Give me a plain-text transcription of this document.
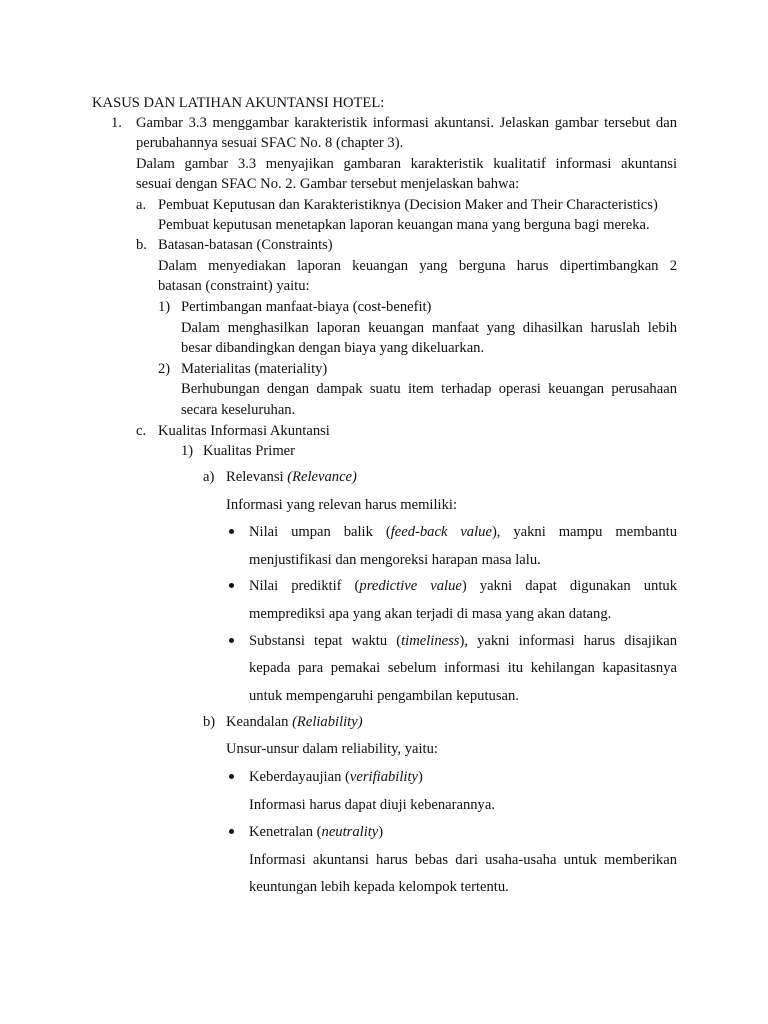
KASUS DAN LATIHAN AKUNTANSI HOTEL:
1. Gambar 3.3 menggambar karakteristik informasi akuntansi. Jelaskan gambar tersebut dan
perubahannya sesuai SFAC No. 8 (chapter 3).
Dalam gambar 3.3 menyajikan gambaran karakteristik kualitatif informasi akuntansi
sesuai dengan SFAC No. 2. Gambar tersebut menjelaskan bahwa:
a. Pembuat Keputusan dan Karakteristiknya (Decision Maker and Their Characteristics)
Pembuat keputusan menetapkan laporan keuangan mana yang berguna bagi mereka.
b. Batasan-batasan (Constraints)
Dalam menyediakan laporan keuangan yang berguna harus dipertimbangkan 2
batasan (constraint) yaitu:
1) Pertimbangan manfaat-biaya (cost-benefit)
Dalam menghasilkan laporan keuangan manfaat yang dihasilkan haruslah lebih
besar dibandingkan dengan biaya yang dikeluarkan.
2) Materialitas (materiality)
Berhubungan dengan dampak suatu item terhadap operasi keuangan perusahaan
secara keseluruhan.
c. Kualitas Informasi Akuntansi
1) Kualitas Primer
a) Relevansi (Relevance)
Informasi yang relevan harus memiliki:
Nilai umpan balik (feed-back value), yakni mampu membantu
menjustifikasi dan mengoreksi harapan masa lalu.
Nilai prediktif (predictive value) yakni dapat digunakan untuk
memprediksi apa yang akan terjadi di masa yang akan datang.
Substansi tepat waktu (timeliness), yakni informasi harus disajikan
kepada para pemakai sebelum informasi itu kehilangan kapasitasnya
untuk mempengaruhi pengambilan keputusan.
b) Keandalan (Reliability)
Unsur-unsur dalam reliability, yaitu:
Keberdayaujian (verifiability)
Informasi harus dapat diuji kebenarannya.
Kenetralan (neutrality)
Informasi akuntansi harus bebas dari usaha-usaha untuk memberikan
keuntungan lebih kepada kelompok tertentu.
